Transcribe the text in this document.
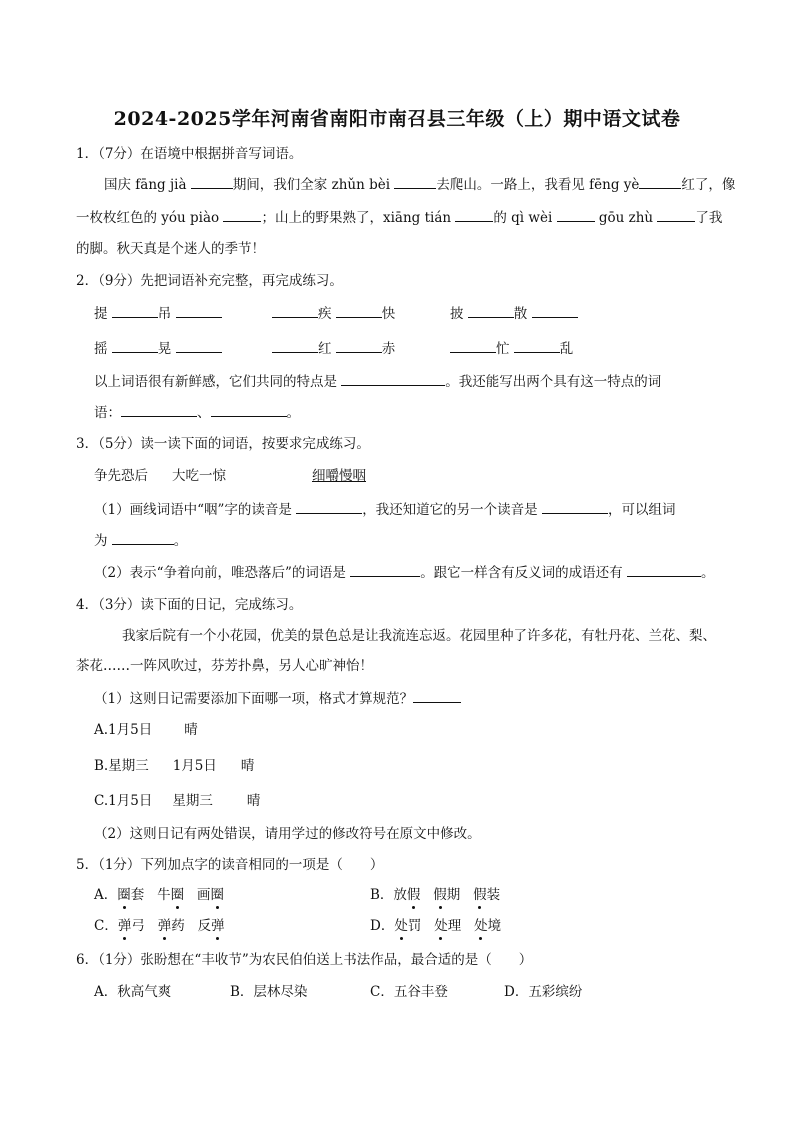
2024-2025学年河南省南阳市南召县三年级（上）期中语文试卷
1．（7分）在语境中根据拼音写词语。
国庆 fāng jià	期间，我们全家 zhǔn bèi	去爬山。一路上，我看见 fēng yè	红了，像
一枚枚红色的 yóu piào	；山上的野果熟了，xiāng tián	的 qì wèi	gōu zhù	了我
的脚。秋天真是个迷人的季节！
2．（9分）先把词语补充完整，再完成练习。
提	吊	疾	快	披	散
摇	晃	红	赤	忙	乱
以上词语很有新鲜感，它们共同的特点是	。我还能写出两个具有这一特点的词
语：	、	。
3．（5分）读一读下面的词语，按要求完成练习。
争先恐后 大吃一惊	细嚼慢咽
（1）画线词语中“咽”字的读音是	，我还知道它的另一个读音是	，可以组词
为	。
（2）表示“争着向前，唯恐落后”的词语是	。跟它一样含有反义词的成语还有	。
4．（3分）读下面的日记，完成练习。
我家后院有一个小花园，优美的景色总是让我流连忘返。花园里种了许多花，有牡丹花、兰花、梨、
茶花……一阵风吹过，芬芳扑鼻，另人心旷神怡！
（1）这则日记需要添加下面哪一项，格式才算规范？
A.1月5日 晴
B.星期三 1月5日 晴
C.1月5日 星期三	晴
（2）这则日记有两处错误，请用学过的修改符号在原文中修改。
5．（1分）下列加点字的读音相同的一项是（　　）
A．圈套 牛圈 画圈	B．放假 假期 假装
C．弹弓 弹药 反弹	D．处罚 处理 处境
6．（1分）张盼想在“丰收节”为农民伯伯送上书法作品，最合适的是（　　）
A．秋高气爽	B．层林尽染	C．五谷丰登	D．五彩缤纷
